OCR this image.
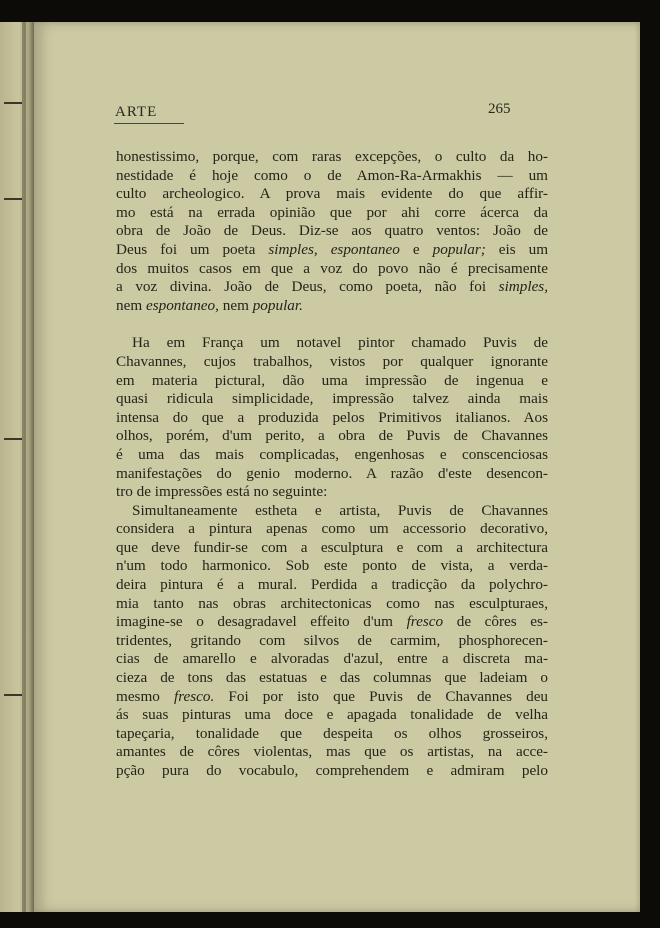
ARTE	265
honestissimo, porque, com raras excepções, o culto da ho-
nestidade é hoje como o de Amon-Ra-Armakhis — um
culto archeologico. A prova mais evidente do que affir-
mo está na errada opinião que por ahi corre ácerca da
obra de João de Deus. Diz-se aos quatro ventos: João de
Deus foi um poeta simples, espontaneo e popular; eis um
dos muitos casos em que a voz do povo não é precisamente
a voz divina. João de Deus, como poeta, não foi simples,
nem espontaneo, nem popular.
Ha em França um notavel pintor chamado Puvis de
Chavannes, cujos trabalhos, vistos por qualquer ignorante
em materia pictural, dão uma impressão de ingenua e
quasi ridicula simplicidade, impressão talvez ainda mais
intensa do que a produzida pelos Primitivos italianos. Aos
olhos, porém, d'um perito, a obra de Puvis de Chavannes
é uma das mais complicadas, engenhosas e conscenciosas
manifestações do genio moderno. A razão d'este desencon-
tro de impressões está no seguinte:
Simultaneamente estheta e artista, Puvis de Chavannes
considera a pintura apenas como um accessorio decorativo,
que deve fundir-se com a esculptura e com a architectura
n'um todo harmonico. Sob este ponto de vista, a verda-
deira pintura é a mural. Perdida a tradicção da polychro-
mia tanto nas obras architectonicas como nas esculpturaes,
imagine-se o desagradavel effeito d'um fresco de côres es-
tridentes, gritando com silvos de carmim, phosphorecen-
cias de amarello e alvoradas d'azul, entre a discreta ma-
cieza de tons das estatuas e das columnas que ladeiam o
mesmo fresco. Foi por isto que Puvis de Chavannes deu
ás suas pinturas uma doce e apagada tonalidade de velha
tapeçaria, tonalidade que despeita os olhos grosseiros,
amantes de côres violentas, mas que os artistas, na acce-
pção pura do vocabulo, comprehendem e admiram pelo
